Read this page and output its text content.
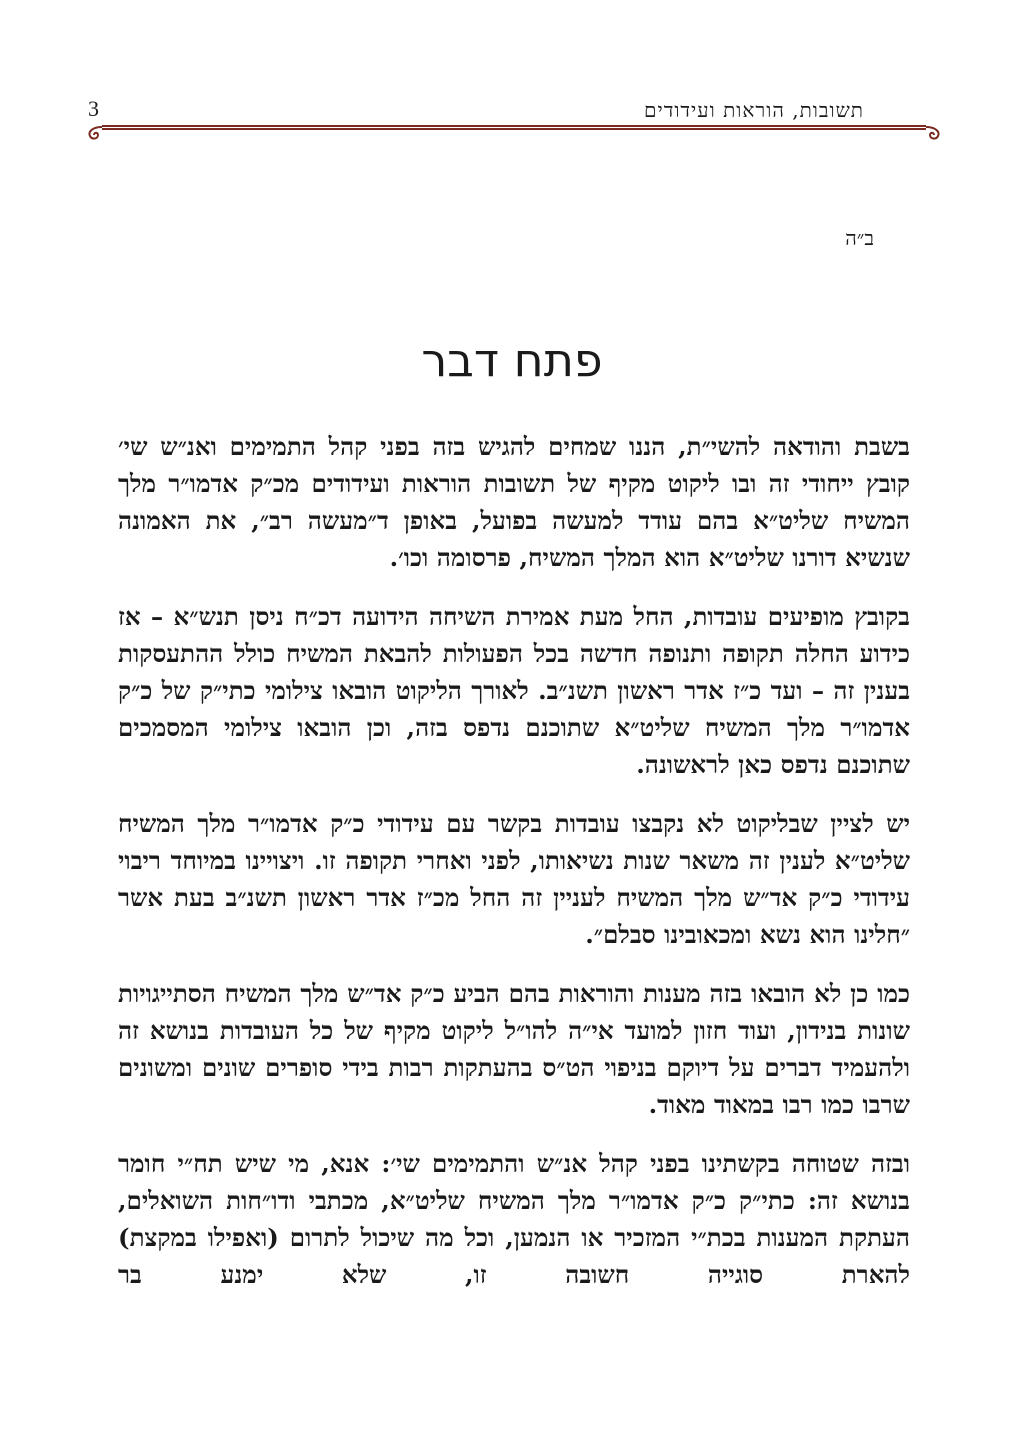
3	תשובות, הוראות ועידודים
ב״ה
פתח דבר

בשבת והודאה להשי״ת, הננו שמחים להגיש בזה בפני קהל התמימים ואנ״ש שי׳ קובץ ייחודי זה ובו ליקוט מקיף של תשובות הוראות ועידודים מכ״ק אדמו״ר מלך המשיח שליט״א בהם עודד למעשה בפועל, באופן ד״מעשה רב״, את האמונה שנשיא דורנו שליט״א הוא המלך המשיח, פרסומה וכו׳.

בקובץ מופיעים עובדות, החל מעת אמירת השיחה הידועה דכ״ח ניסן תנש״א – אז כידוע החלה תקופה ותנופה חדשה בכל הפעולות להבאת המשיח כולל ההתעסקות בענין זה – ועד כ״ז אדר ראשון תשנ״ב. לאורך הליקוט הובאו צילומי כתי״ק של כ״ק אדמו״ר מלך המשיח שליט״א שתוכנם נדפס בזה, וכן הובאו צילומי המסמכים שתוכנם נדפס כאן לראשונה.

יש לציין שבליקוט לא נקבצו עובדות בקשר עם עידודי כ״ק אדמו״ר מלך המשיח שליט״א לענין זה משאר שנות נשיאותו, לפני ואחרי תקופה זו. ויצויינו במיוחד ריבוי עידודי כ״ק אד״ש מלך המשיח לעניין זה החל מכ״ז אדר ראשון תשנ״ב בעת אשר ״חלינו הוא נשא ומכאובינו סבלם״.

כמו כן לא הובאו בזה מענות והוראות בהם הביע כ״ק אד״ש מלך המשיח הסתייגויות שונות בנידון, ועוד חזון למועד אי״ה להו״ל ליקוט מקיף של כל העובדות בנושא זה ולהעמיד דברים על דיוקם בניפוי הט״ס בהעתקות רבות בידי סופרים שונים ומשונים שרבו כמו רבו במאוד מאוד.

ובזה שטוחה בקשתינו בפני קהל אנ״ש והתמימים שי׳: אנא, מי שיש תח״י חומר בנושא זה: כתי״ק כ״ק אדמו״ר מלך המשיח שליט״א, מכתבי ודו״חות השואלים, העתקת המענות בכת״י המזכיר או הנמען, וכל מה שיכול לתרום (ואפילו במקצת) להארת סוגייה חשובה זו, שלא ימנע בר
